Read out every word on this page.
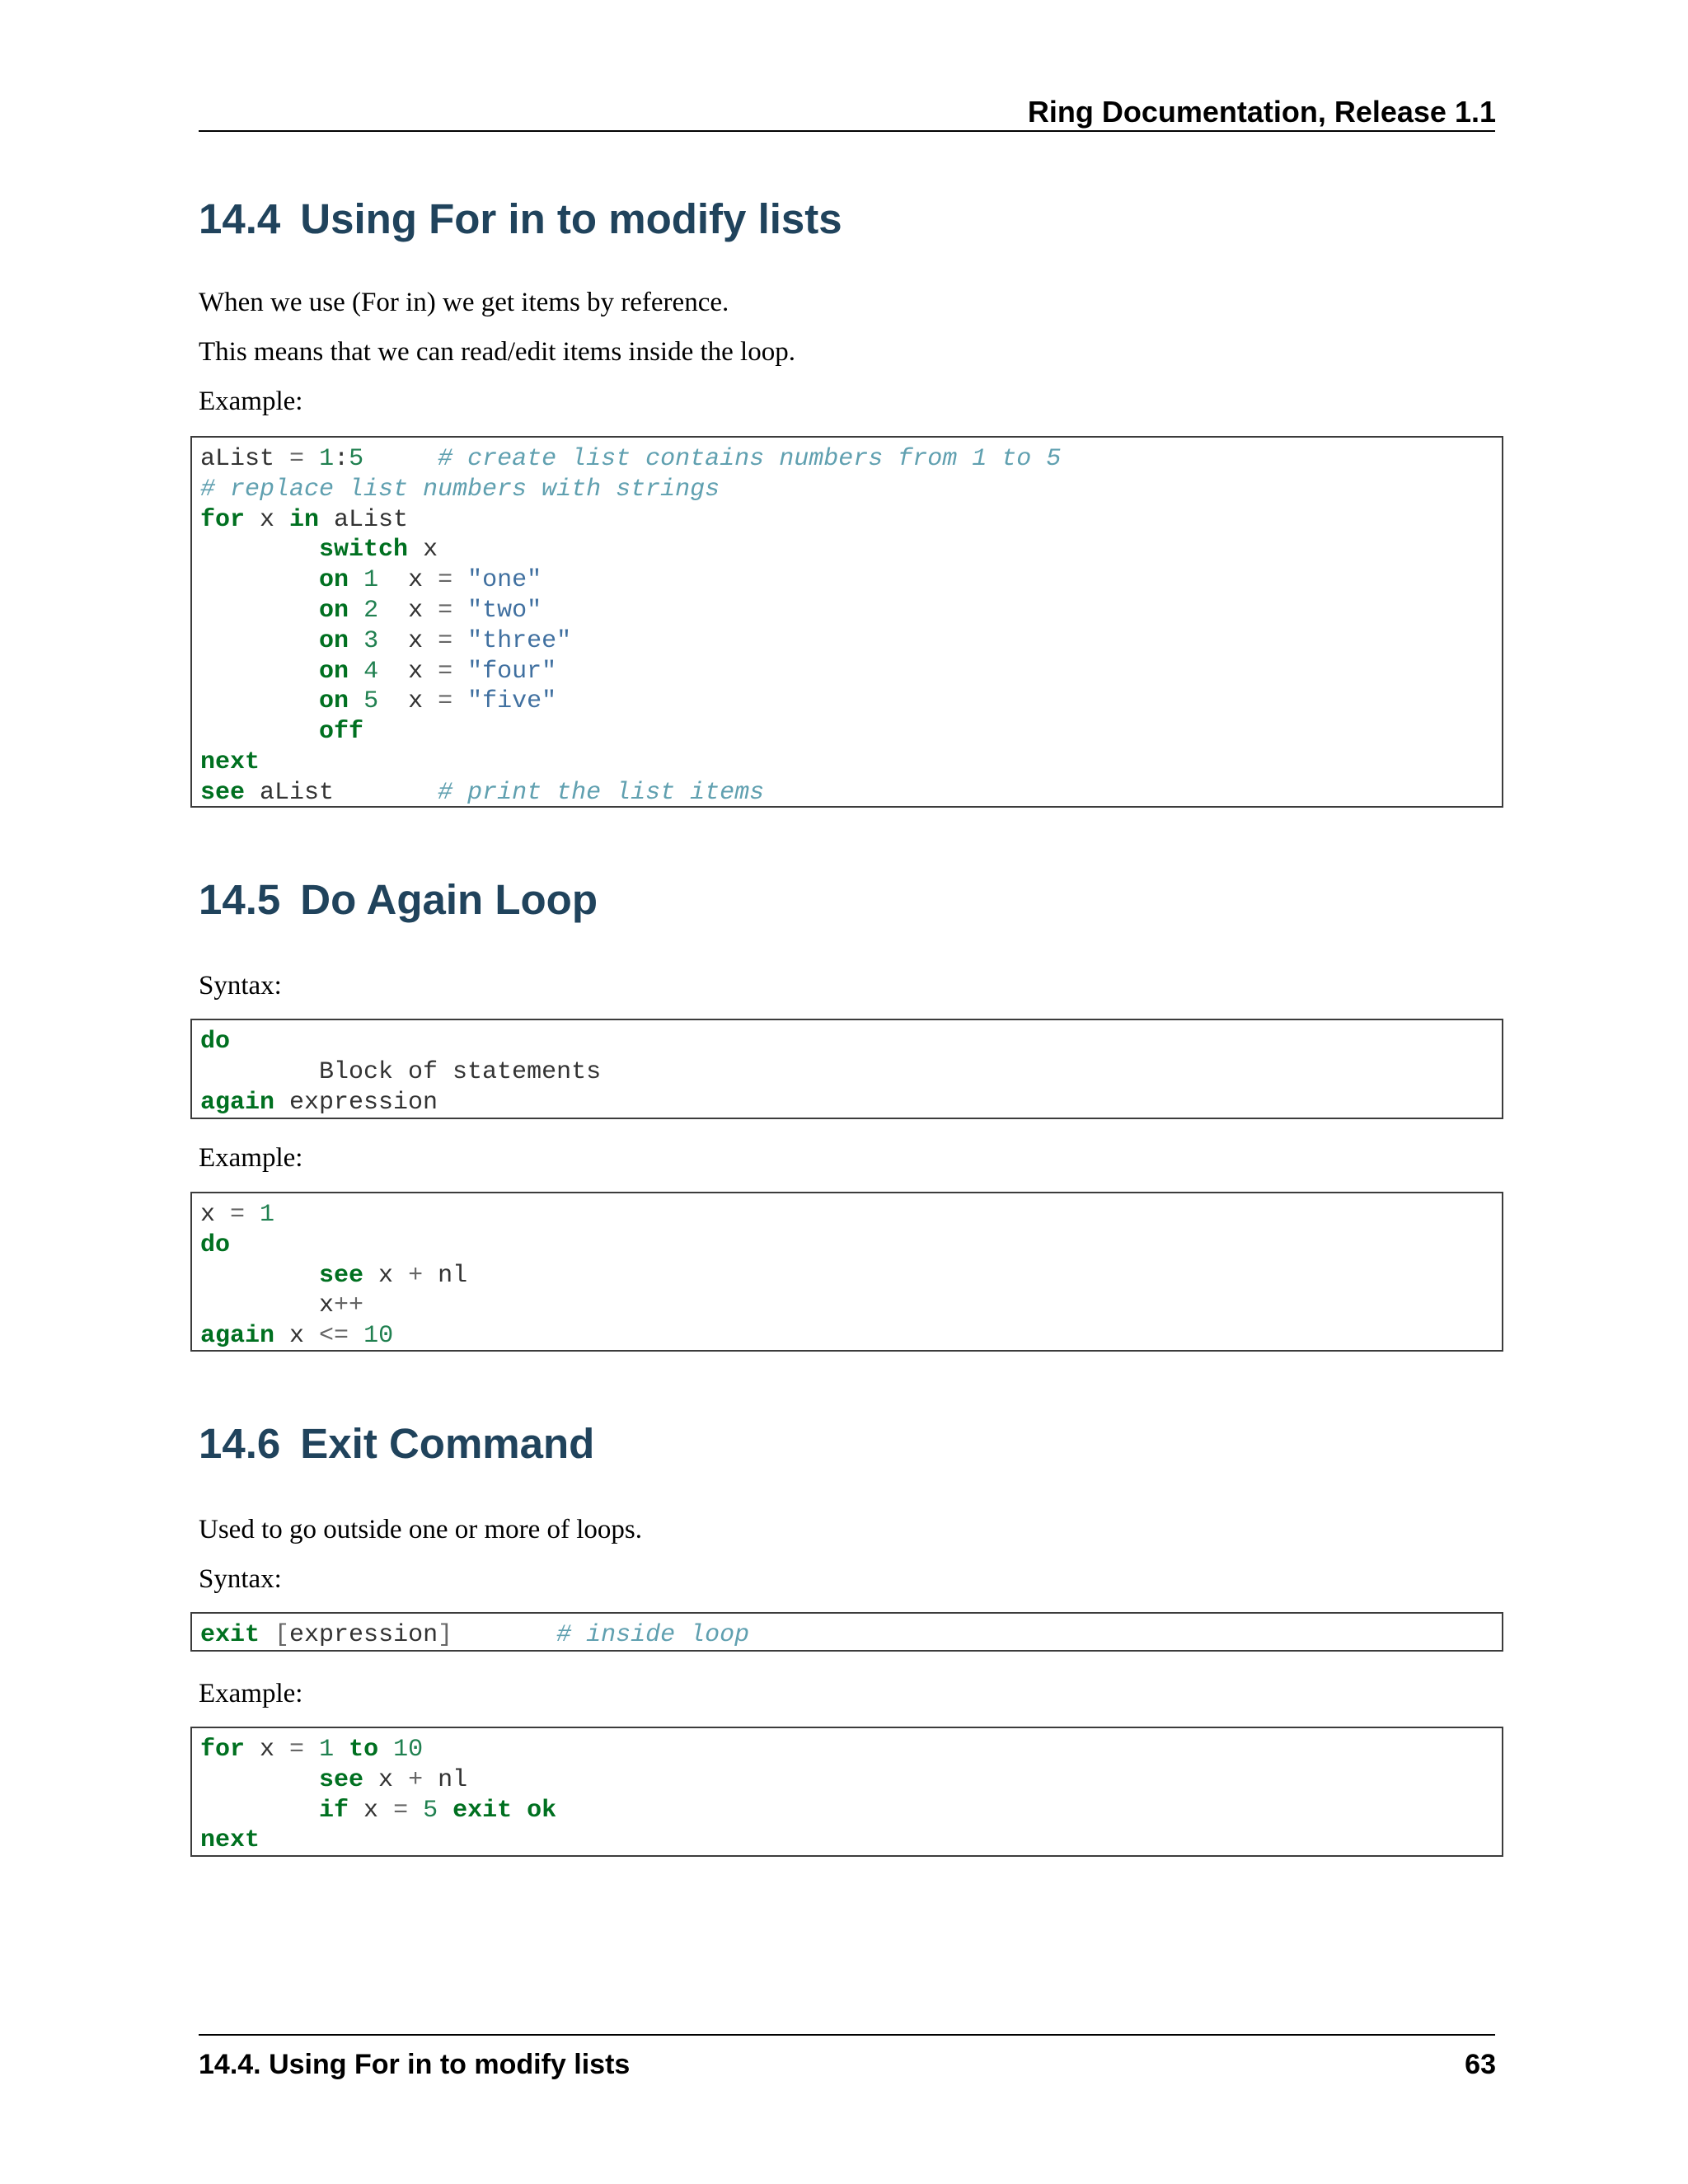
Ring Documentation, Release 1.1
14.4 Using For in to modify lists

When we use (For in) we get items by reference.

This means that we can read/edit items inside the loop.

Example:

aList = 1:5	# create list contains numbers from 1 to 5
# replace list numbers with strings
for x in aList
switch x
on 1  x = "one"
on 2  x = "two"
on 3  x = "three"
on 4  x = "four"
on 5  x = "five"
off
next
see aList       # print the list items
14.5 Do Again Loop

Syntax:

do
Block of statements
again expression

Example:

x = 1
do
see x + nl
x++
again x <= 10
14.6 Exit Command

Used to go outside one or more of loops.

Syntax:

exit [expression]	# inside loop

Example:

for x = 1 to 10
see x + nl
if x = 5 exit ok
next
14.4. Using For in to modify lists	63
